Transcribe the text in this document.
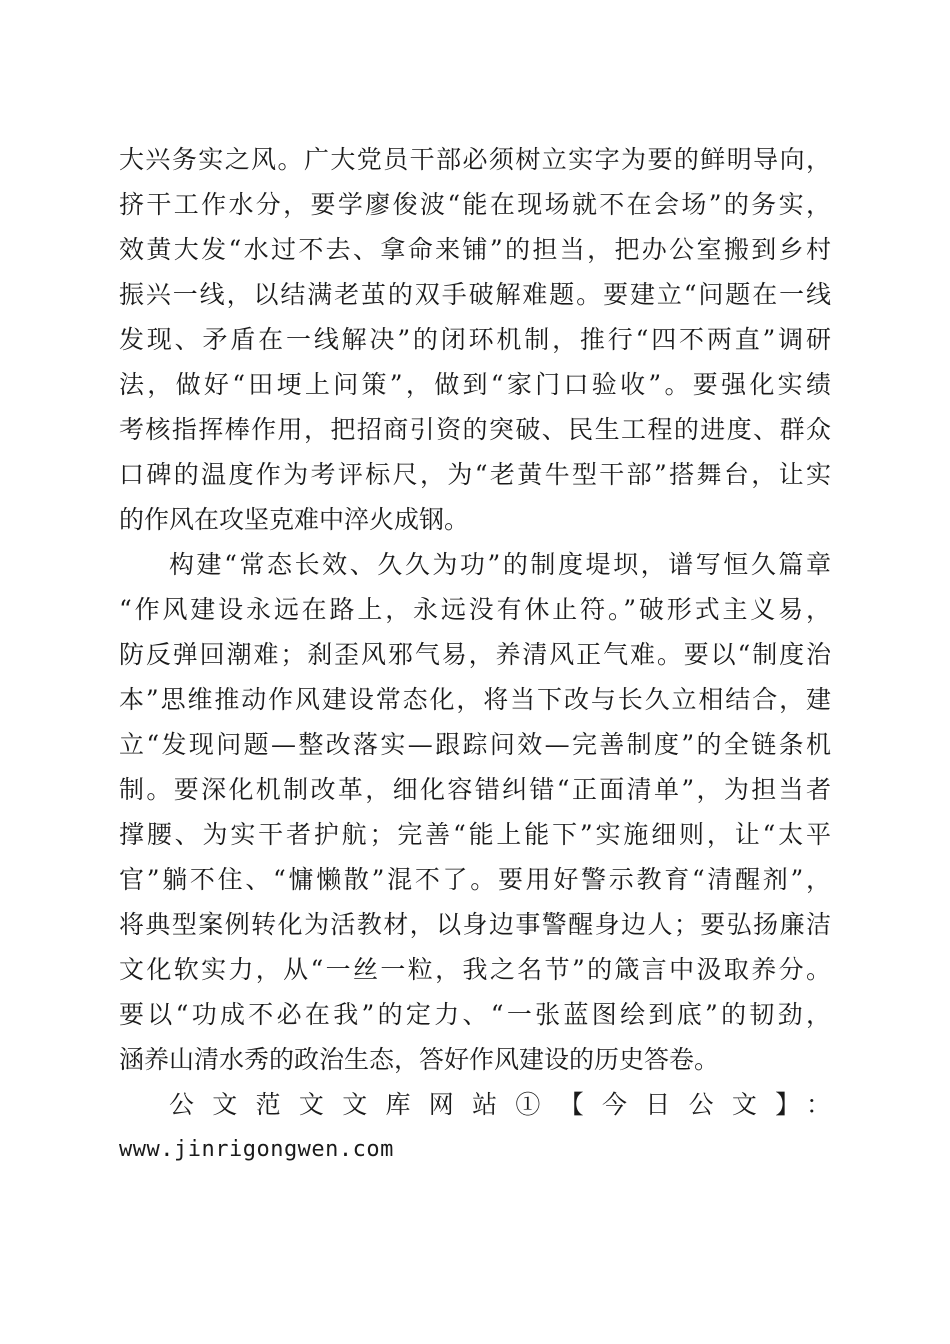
大兴务实之风。广大党员干部必须树立实字为要的鲜明导向，
挤干工作水分，要学廖俊波“能在现场就不在会场”的务实，
效黄大发“水过不去、拿命来铺”的担当，把办公室搬到乡村
振兴一线，以结满老茧的双手破解难题。要建立“问题在一线
发现、矛盾在一线解决”的闭环机制，推行“四不两直”调研
法，做好“田埂上问策”，做到“家门口验收”。要强化实绩
考核指挥棒作用，把招商引资的突破、民生工程的进度、群众
口碑的温度作为考评标尺，为“老黄牛型干部”搭舞台，让实
的作风在攻坚克难中淬火成钢。
构建“常态长效、久久为功”的制度堤坝，谱写恒久篇章
“作风建设永远在路上，永远没有休止符。”破形式主义易，
防反弹回潮难；刹歪风邪气易，养清风正气难。要以“制度治
本”思维推动作风建设常态化，将当下改与长久立相结合，建
立“发现问题—整改落实—跟踪问效—完善制度”的全链条机
制。要深化机制改革，细化容错纠错“正面清单”，为担当者
撑腰、为实干者护航；完善“能上能下”实施细则，让“太平
官”躺不住、“慵懒散”混不了。要用好警示教育“清醒剂”，
将典型案例转化为活教材，以身边事警醒身边人；要弘扬廉洁
文化软实力，从“一丝一粒，我之名节”的箴言中汲取养分。
要以“功成不必在我”的定力、“一张蓝图绘到底”的韧劲，
涵养山清水秀的政治生态，答好作风建设的历史答卷。
公文范文文库网站①【今日公文】：
www.jinrigongwen.com
